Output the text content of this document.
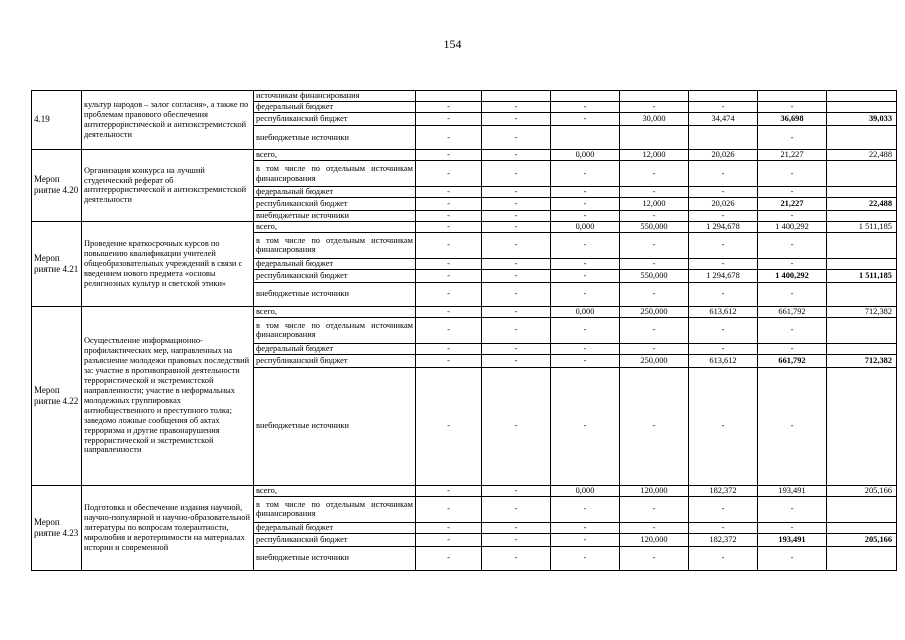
154
4.19	культур народов – залог согласия», а также по проблемам правового обеспечения антитеррористической и антиэкстремистской деятельности	источникам финансирования							
		федеральный бюджет	-	-	-	-	-	-	
		республиканский бюджет	-	-	-	30,000	34,474	36,698	39,033
		внебюджетные источники	-	-				-	
Мероп риятие 4.20	Организация конкурса на лучший студенческий реферат об антитеррористической и антиэкстремистской деятельности	всего,	-	-	0,000	12,000	20,026	21,227	22,488
		в том числе по отдельным источникам финансирования	-	-	-	-	-	-	
		федеральный бюджет	-	-	-	-	-	-	
		республиканский бюджет	-	-	-	12,000	20,026	21,227	22,488
		внебюджетные источники	-	-	-	-	-	-	
Мероп риятие 4.21	Проведение краткосрочных курсов по повышению квалификации учителей общеобразовательных учреждений в связи с введением нового предмета «основы религиозных культур и светской этики»	всего,	-	-	0,000	550,000	1 294,678	1 400,292	1 511,185
		в том числе по отдельным источникам финансирования	-	-	-	-	-	-	
		федеральный бюджет	-	-	-	-	-	-	
		республиканский бюджет	-	-	-	550,000	1 294,678	1 400,292	1 511,185
		внебюджетные источники	-	-	-	-	-	-	
Мероп риятие 4.22	Осуществление информационно-профилактических мер, направленных на разъяснение молодежи правовых последствий за: участие в противоправной деятельности террористической и экстремистской направленности; участие в неформальных молодежных группировках антиобщественного и преступного толка; заведомо ложные сообщения об актах терроризма и другие правонарушения террористической и экстремистской направленности	всего,	-	-	0,000	250,000	613,612	661,792	712,382
		в том числе по отдельным источникам финансирования	-	-	-	-	-	-	
		федеральный бюджет	-	-	-	-	-	-	
		республиканский бюджет	-	-	-	250,000	613,612	661,792	712,382
		внебюджетные источники	-	-	-	-	-	-	
Мероп риятие 4.23	Подготовка и обеспечение издания научной, научно-популярной и научно-образовательной литературы по вопросам толерантности, миролюбия и веротерпимости на материалах истории и современной	всего,	-	-	0,000	120,000	182,372	193,491	205,166
		в том числе по отдельным источникам финансирования	-	-	-	-	-	-	
		федеральный бюджет	-	-	-	-	-	-	
		республиканский бюджет	-	-	-	120,000	182,372	193,491	205,166
		внебюджетные источники	-	-	-	-	-	-	
